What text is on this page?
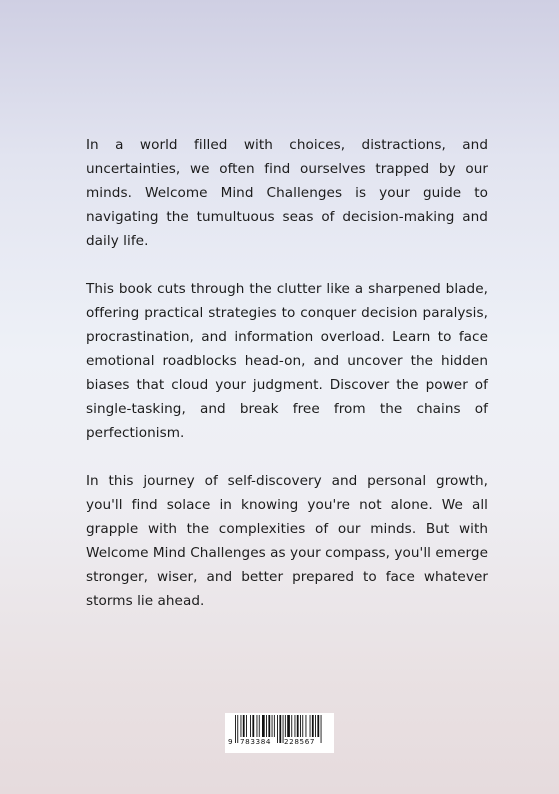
In a world filled with choices, distractions, and uncertainties, we often find ourselves trapped by our minds. Welcome Mind Challenges is your guide to navigating the tumultuous seas of decision-making and daily life.

This book cuts through the clutter like a sharpened blade, offering practical strategies to conquer decision paralysis, procrastination, and information overload. Learn to face emotional roadblocks head-on, and uncover the hidden biases that cloud your judgment. Discover the power of single-tasking, and break free from the chains of perfectionism.

In this journey of self-discovery and personal growth, you'll find solace in knowing you're not alone. We all grapple with the complexities of our minds. But with Welcome Mind Challenges as your compass, you'll emerge stronger, wiser, and better prepared to face whatever storms lie ahead.

9 783384 228567
